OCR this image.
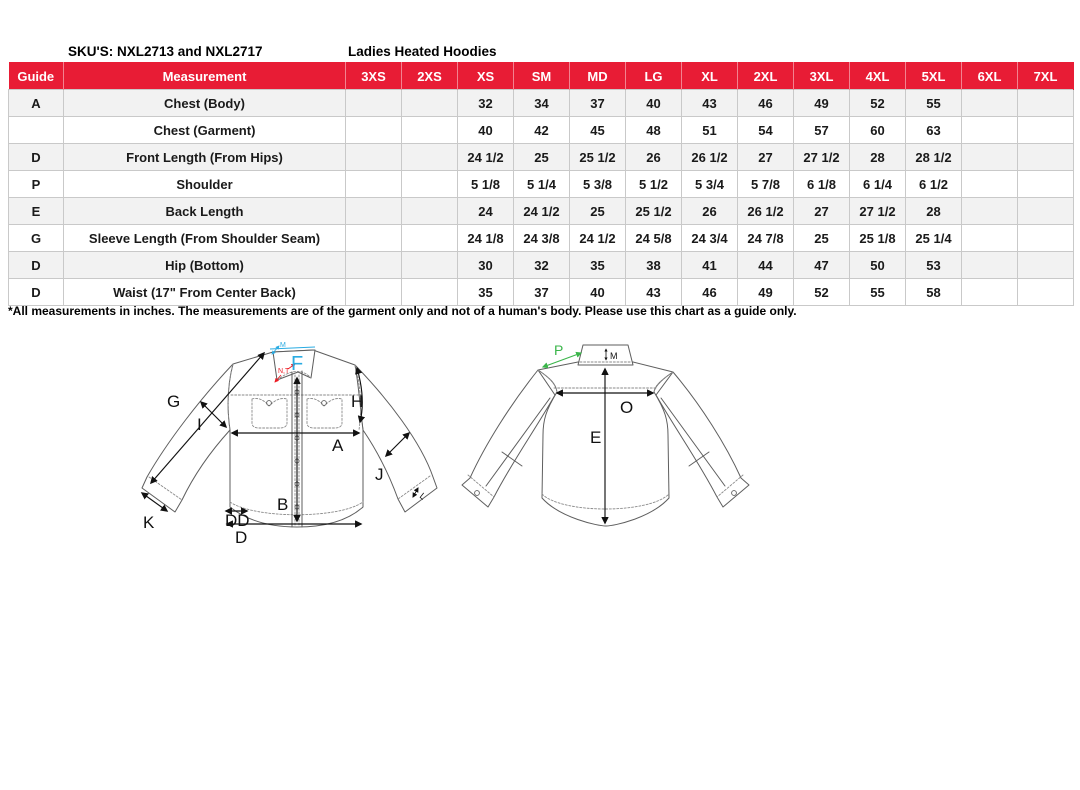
SKU'S: NXL2713 and NXL2717	Ladies Heated Hoodies
Guide	Measurement	3XS	2XS	XS	SM	MD	LG	XL	2XL	3XL	4XL	5XL	6XL	7XL
A	Chest (Body)			32	34	37	40	43	46	49	52	55		
	Chest (Garment)			40	42	45	48	51	54	57	60	63		
D	Front Length (From Hips)			24 1/2	25	25 1/2	26	26 1/2	27	27 1/2	28	28 1/2		
P	Shoulder			5 1/8	5 1/4	5 3/8	5 1/2	5 3/4	5 7/8	6 1/8	6 1/4	6 1/2		
E	Back Length			24	24 1/2	25	25 1/2	26	26 1/2	27	27 1/2	28		
G	Sleeve Length (From Shoulder Seam)			24 1/8	24 3/8	24 1/2	24 5/8	24 3/4	24 7/8	25	25 1/8	25 1/4		
D	Hip (Bottom)			30	32	35	38	41	44	47	50	53		
D	Waist (17" From Center Back)			35	37	40	43	46	49	52	55	58		
*All measurements in inches. The measurements are of the garment only and not of a human's body. Please use this chart as a guide only.
F
M
N,T
G
I
H
A
J
B
K	DD
D
L
P	M
O
E
